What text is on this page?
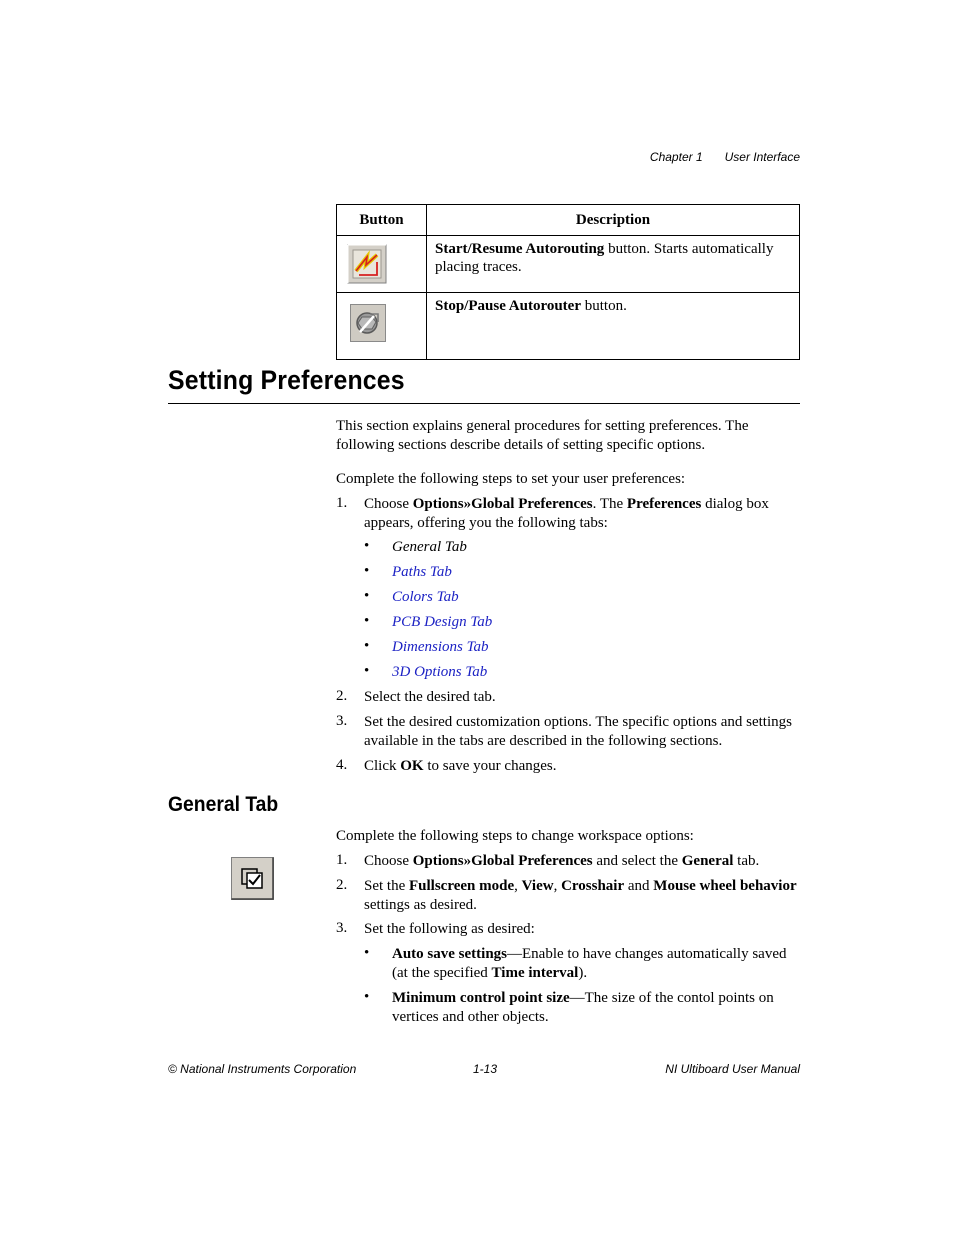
Chapter 1 User Interface
Button	Description

	Start/Resume Autorouting button. Starts automatically placing traces.

	Stop/Pause Autorouter button.
Setting Preferences
This section explains general procedures for setting preferences. The following sections describe details of setting specific options.
Complete the following steps to set your user preferences:
1. Choose Options»Global Preferences. The Preferences dialog box appears, offering you the following tabs:
• General Tab
• Paths Tab
• Colors Tab
• PCB Design Tab
• Dimensions Tab
• 3D Options Tab
2. Select the desired tab.
3. Set the desired customization options. The specific options and settings available in the tabs are described in the following sections.
4. Click OK to save your changes.
General Tab
Complete the following steps to change workspace options:
1. Choose Options»Global Preferences and select the General tab.
2. Set the Fullscreen mode, View, Crosshair and Mouse wheel behavior settings as desired.
3. Set the following as desired:
• Auto save settings—Enable to have changes automatically saved (at the specified Time interval).
• Minimum control point size—The size of the contol points on vertices and other objects.
© National Instruments Corporation	1-13	NI Ultiboard User Manual
